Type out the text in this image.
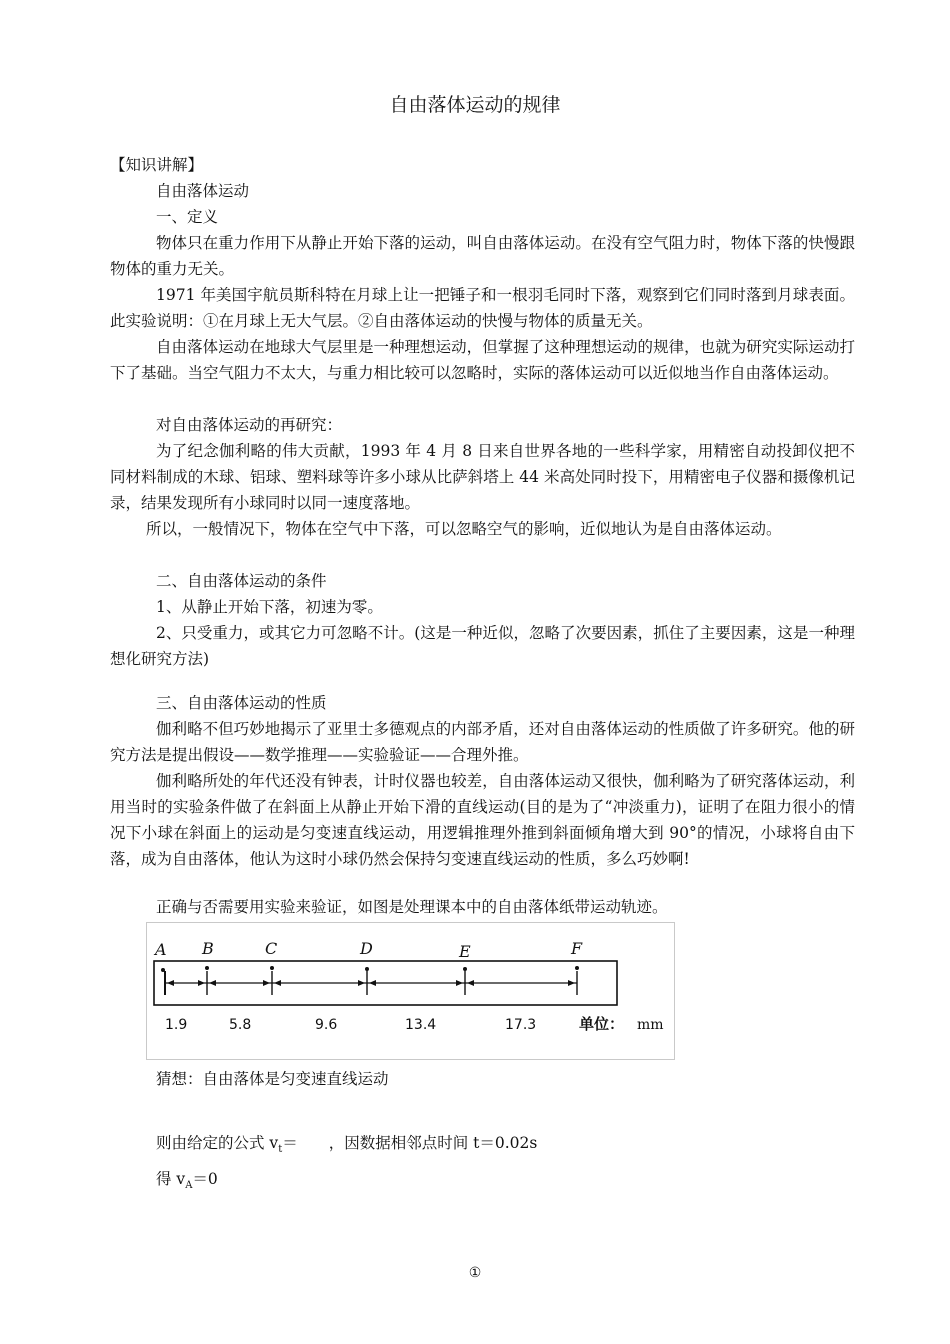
自由落体运动的规律
【知识讲解】
自由落体运动
一、定义
物体只在重力作用下从静止开始下落的运动，叫自由落体运动。在没有空气阻力时，物体下落的快慢跟物体的重力无关。
1971 年美国宇航员斯科特在月球上让一把锤子和一根羽毛同时下落，观察到它们同时落到月球表面。 此实验说明：①在月球上无大气层。②自由落体运动的快慢与物体的质量无关。
自由落体运动在地球大气层里是一种理想运动，但掌握了这种理想运动的规律，也就为研究实际运动打下了基础。当空气阻力不太大，与重力相比较可以忽略时，实际的落体运动可以近似地当作自由落体运动。
对自由落体运动的再研究：
为了纪念伽利略的伟大贡献，1993 年 4 月 8 日来自世界各地的一些科学家，用精密自动投卸仪把不同材料制成的木球、铝球、塑料球等许多小球从比萨斜塔上 44 米高处同时投下，用精密电子仪器和摄像机记录，结果发现所有小球同时以同一速度落地。
所以，一般情况下，物体在空气中下落，可以忽略空气的影响，近似地认为是自由落体运动。
二、自由落体运动的条件
1、从静止开始下落，初速为零。
2、只受重力，或其它力可忽略不计。(这是一种近似，忽略了次要因素，抓住了主要因素，这是一种理想化研究方法)
三、自由落体运动的性质
伽利略不但巧妙地揭示了亚里士多德观点的内部矛盾，还对自由落体运动的性质做了许多研究。他的研究方法是提出假设——数学推理——实验验证——合理外推。
伽利略所处的年代还没有钟表，计时仪器也较差，自由落体运动又很快，伽利略为了研究落体运动，利用当时的实验条件做了在斜面上从静止开始下滑的直线运动(目的是为了“冲淡重力)，证明了在阻力很小的情况下小球在斜面上的运动是匀变速直线运动，用逻辑推理外推到斜面倾角增大到 90°的情况，小球将自由下落，成为自由落体，他认为这时小球仍然会保持匀变速直线运动的性质，多么巧妙啊!
正确与否需要用实验来验证，如图是处理课本中的自由落体纸带运动轨迹。
A B	C	D	E	F
1.9	5.8	9.6	13.4	17.3	单位： mm
猜想：自由落体是匀变速直线运动
则由给定的公式 $v_t=$　　，因数据相邻点时间 t＝0.02s
得 $v_A=0$
①
